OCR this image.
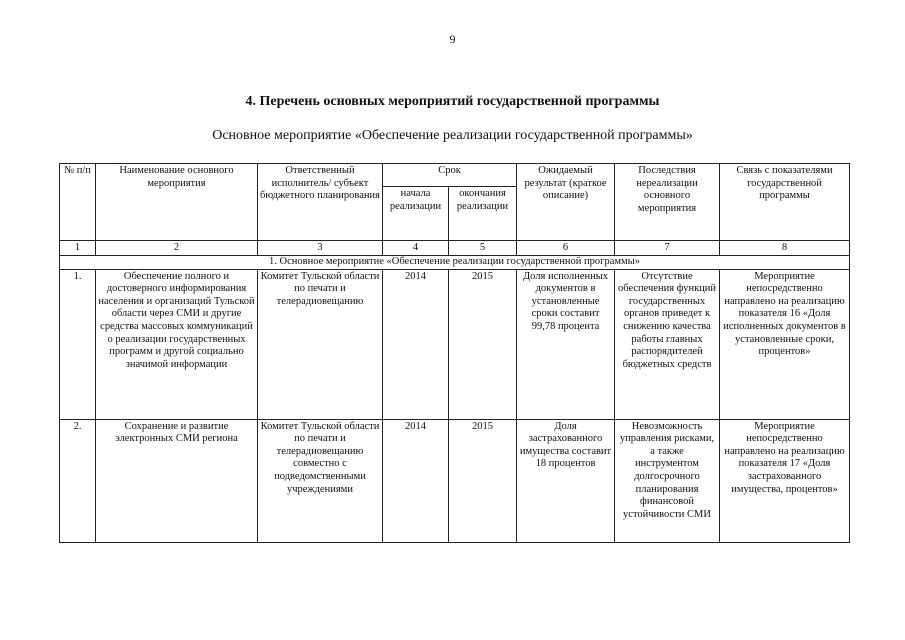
9
4. Перечень основных мероприятий государственной программы
Основное мероприятие «Обеспечение реализации государственной программы»
№ п/п	Наименование основного мероприятия	Ответственный исполнитель/ субъект бюджетного планирования	Срок		Ожидаемый результат (краткое описание)	Последствия нереализации основного мероприятия	Связь с показателями государственной программы
			начала реализации	окончания реализации			
1	2	3	4	5	6	7	8
1. Основное мероприятие «Обеспечение реализации государственной программы»							
1.	Обеспечение полного и достоверного информирования населения и организаций Тульской области через СМИ и другие средства массовых коммуникаций о реализации государственных программ и другой социально значимой информации	Комитет Тульской области по печати и телерадиовещанию	2014	2015	Доля исполненных документов в установленные сроки составит 99,78 процента	Отсутствие обеспечения функций государственных органов приведет к снижению качества работы главных распорядителей бюджетных средств	Мероприятие непосредственно направлено на реализацию показателя 16 «Доля исполненных документов в установленные сроки, процентов»
2.	Сохранение и развитие электронных СМИ региона	Комитет Тульской области по печати и телерадиовещанию совместно с подведомственными учреждениями	2014	2015	Доля застрахованного имущества составит 18 процентов	Невозможность управления рисками, а также инструментом долгосрочного планирования финансовой устойчивости СМИ	Мероприятие непосредственно направлено на реализацию показателя 17 «Доля застрахованного имущества, процентов»
